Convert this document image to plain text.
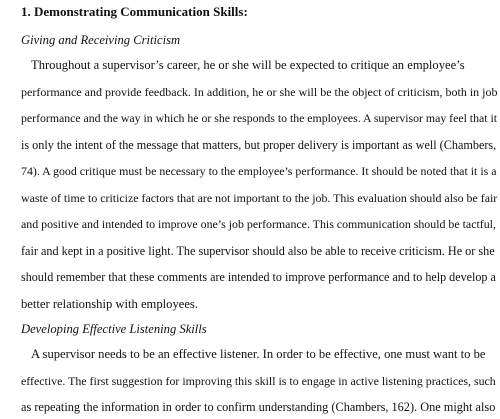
1. Demonstrating Communication Skills:
Giving and Receiving Criticism
Throughout a supervisor’s career, he or she will be expected to critique an employee’s
performance and provide feedback. In addition, he or she will be the object of criticism, both in job
performance and the way in which he or she responds to the employees. A supervisor may feel that it
is only the intent of the message that matters, but proper delivery is important as well (Chambers,
74). A good critique must be necessary to the employee’s performance. It should be noted that it is a
waste of time to criticize factors that are not important to the job. This evaluation should also be fair
and positive and intended to improve one’s job performance. This communication should be tactful,
fair and kept in a positive light. The supervisor should also be able to receive criticism. He or she
should remember that these comments are intended to improve performance and to help develop a
better relationship with employees.
Developing Effective Listening Skills
A supervisor needs to be an effective listener. In order to be effective, one must want to be
effective. The first suggestion for improving this skill is to engage in active listening practices, such
as repeating the information in order to confirm understanding (Chambers, 162). One might also
